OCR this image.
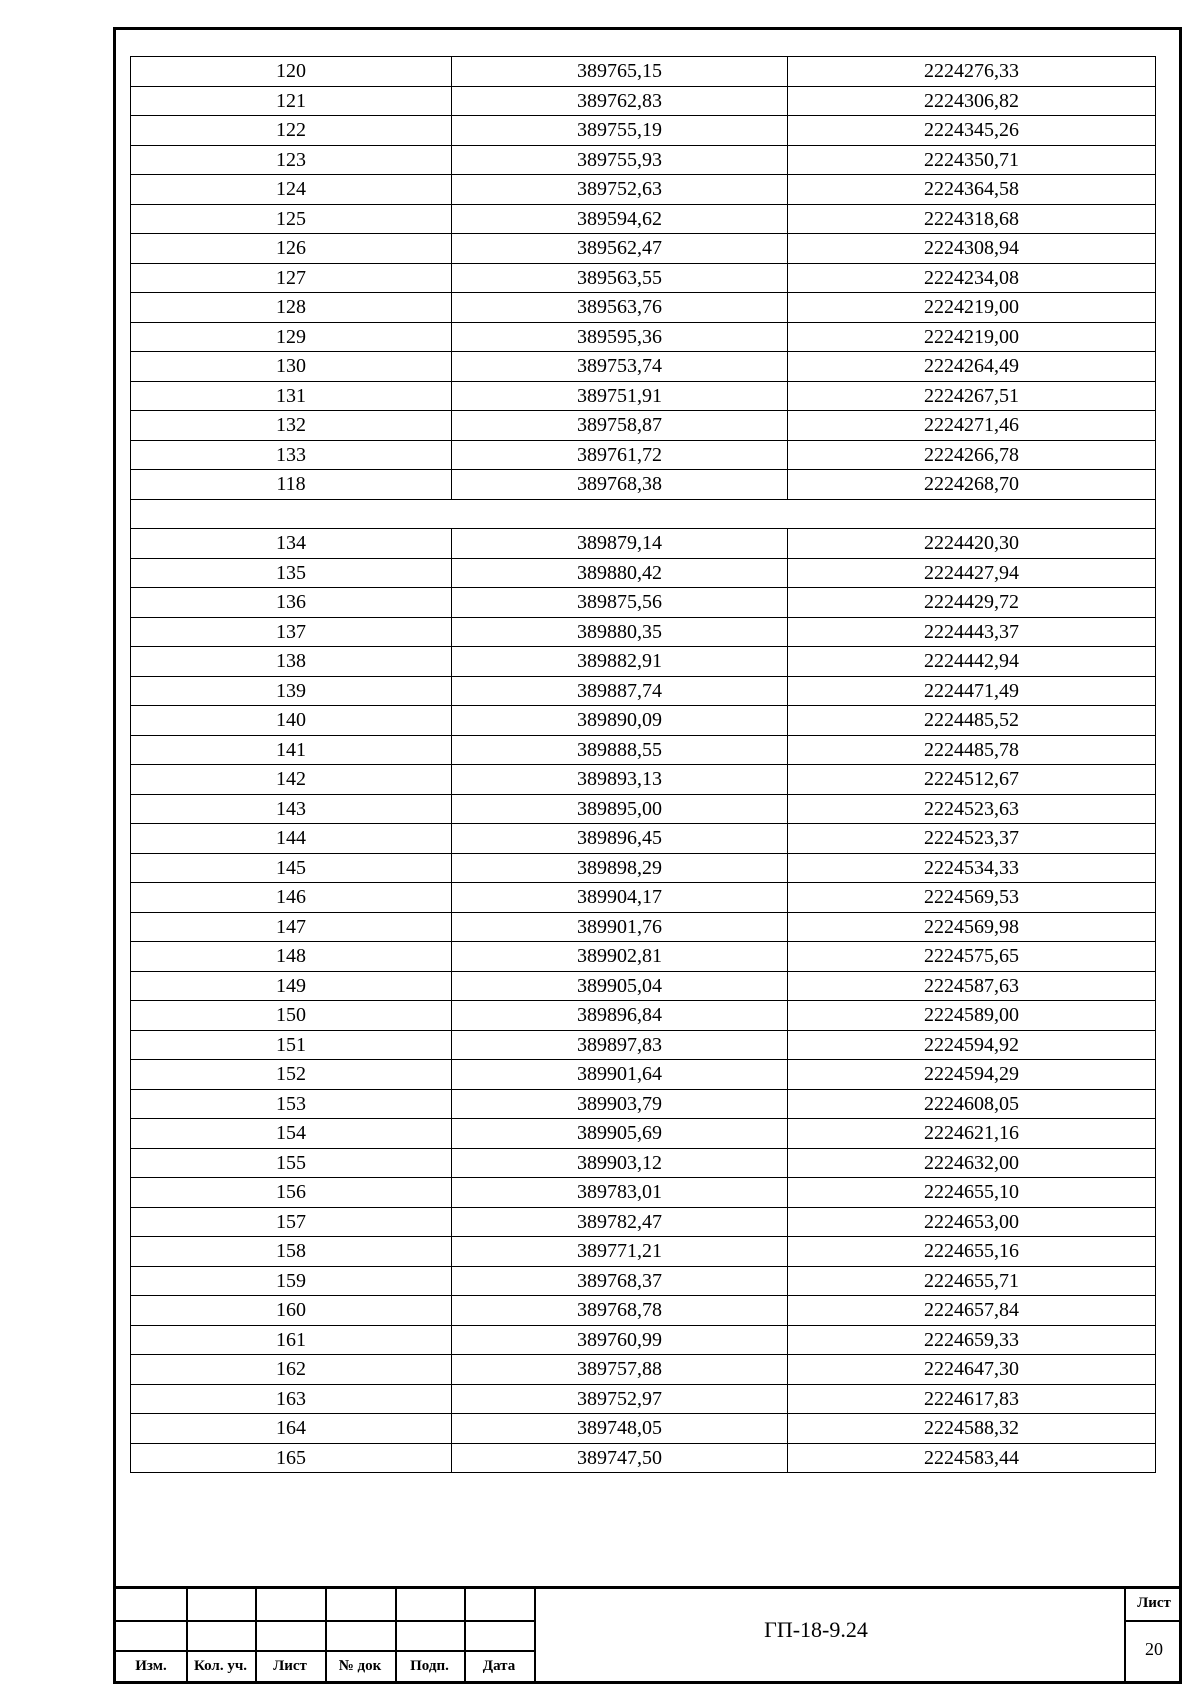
120	389765,15	2224276,33
121	389762,83	2224306,82
122	389755,19	2224345,26
123	389755,93	2224350,71
124	389752,63	2224364,58
125	389594,62	2224318,68
126	389562,47	2224308,94
127	389563,55	2224234,08
128	389563,76	2224219,00
129	389595,36	2224219,00
130	389753,74	2224264,49
131	389751,91	2224267,51
132	389758,87	2224271,46
133	389761,72	2224266,78
118	389768,38	2224268,70

134	389879,14	2224420,30
135	389880,42	2224427,94
136	389875,56	2224429,72
137	389880,35	2224443,37
138	389882,91	2224442,94
139	389887,74	2224471,49
140	389890,09	2224485,52
141	389888,55	2224485,78
142	389893,13	2224512,67
143	389895,00	2224523,63
144	389896,45	2224523,37
145	389898,29	2224534,33
146	389904,17	2224569,53
147	389901,76	2224569,98
148	389902,81	2224575,65
149	389905,04	2224587,63
150	389896,84	2224589,00
151	389897,83	2224594,92
152	389901,64	2224594,29
153	389903,79	2224608,05
154	389905,69	2224621,16
155	389903,12	2224632,00
156	389783,01	2224655,10
157	389782,47	2224653,00
158	389771,21	2224655,16
159	389768,37	2224655,71
160	389768,78	2224657,84
161	389760,99	2224659,33
162	389757,88	2224647,30
163	389752,97	2224617,83
164	389748,05	2224588,32
165	389747,50	2224583,44
Изм.	Кол. уч.	Лист	№ док	Подп.	Дата
ГП-18-9.24
Лист
20
